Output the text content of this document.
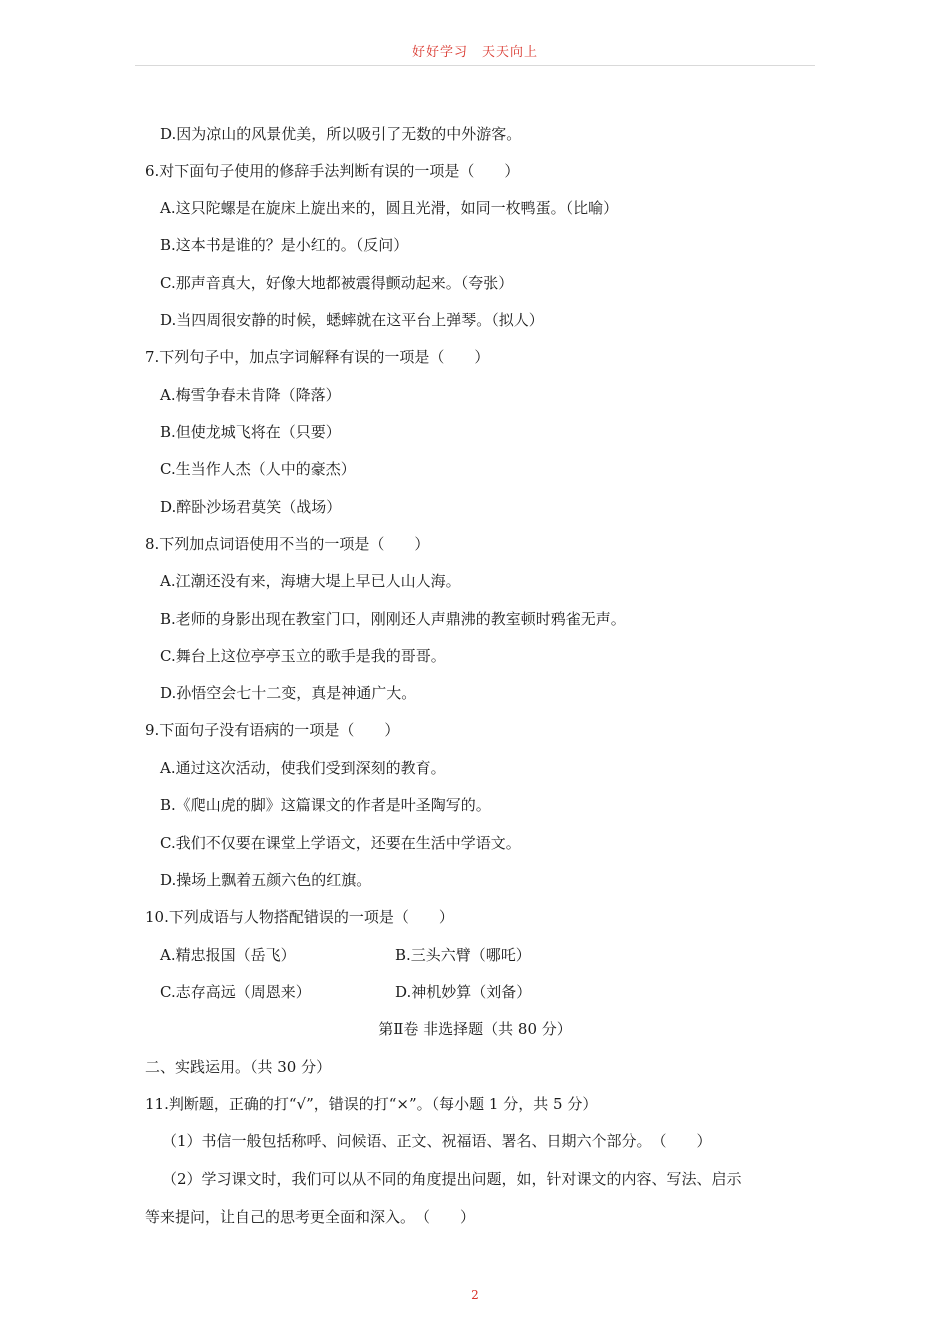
好好学习　天天向上
D.因为凉山的风景优美，所以吸引了无数的中外游客。
6.对下面句子使用的修辞手法判断有误的一项是（　　）
A.这只陀螺是在旋床上旋出来的，圆且光滑，如同一枚鸭蛋。（比喻）
B.这本书是谁的？是小红的。（反问）
C.那声音真大，好像大地都被震得颤动起来。（夸张）
D.当四周很安静的时候，蟋蟀就在这平台上弹琴。（拟人）
7.下列句子中，加点字词解释有误的一项是（　　）
A.梅雪争春未肯降（降落）
B.但使龙城飞将在（只要）
C.生当作人杰（人中的豪杰）
D.醉卧沙场君莫笑（战场）
8.下列加点词语使用不当的一项是（　　）
A.江潮还没有来，海塘大堤上早已人山人海。
B.老师的身影出现在教室门口，刚刚还人声鼎沸的教室顿时鸦雀无声。
C.舞台上这位亭亭玉立的歌手是我的哥哥。
D.孙悟空会七十二变，真是神通广大。
9.下面句子没有语病的一项是（　　）
A.通过这次活动，使我们受到深刻的教育。
B.《爬山虎的脚》这篇课文的作者是叶圣陶写的。
C.我们不仅要在课堂上学语文，还要在生活中学语文。
D.操场上飘着五颜六色的红旗。
10.下列成语与人物搭配错误的一项是（　　）
A.精忠报国（岳飞）	B.三头六臂（哪吒）
C.志存高远（周恩来）	D.神机妙算（刘备）
第Ⅱ卷 非选择题（共 80 分）
二、实践运用。（共 30 分）
11.判断题，正确的打“√”，错误的打“×”。（每小题 1 分，共 5 分）
（1）书信一般包括称呼、问候语、正文、祝福语、署名、日期六个部分。　（　　）
（2）学习课文时，我们可以从不同的角度提出问题，如，针对课文的内容、写法、启示
等来提问，让自己的思考更全面和深入。　（　　）
2
